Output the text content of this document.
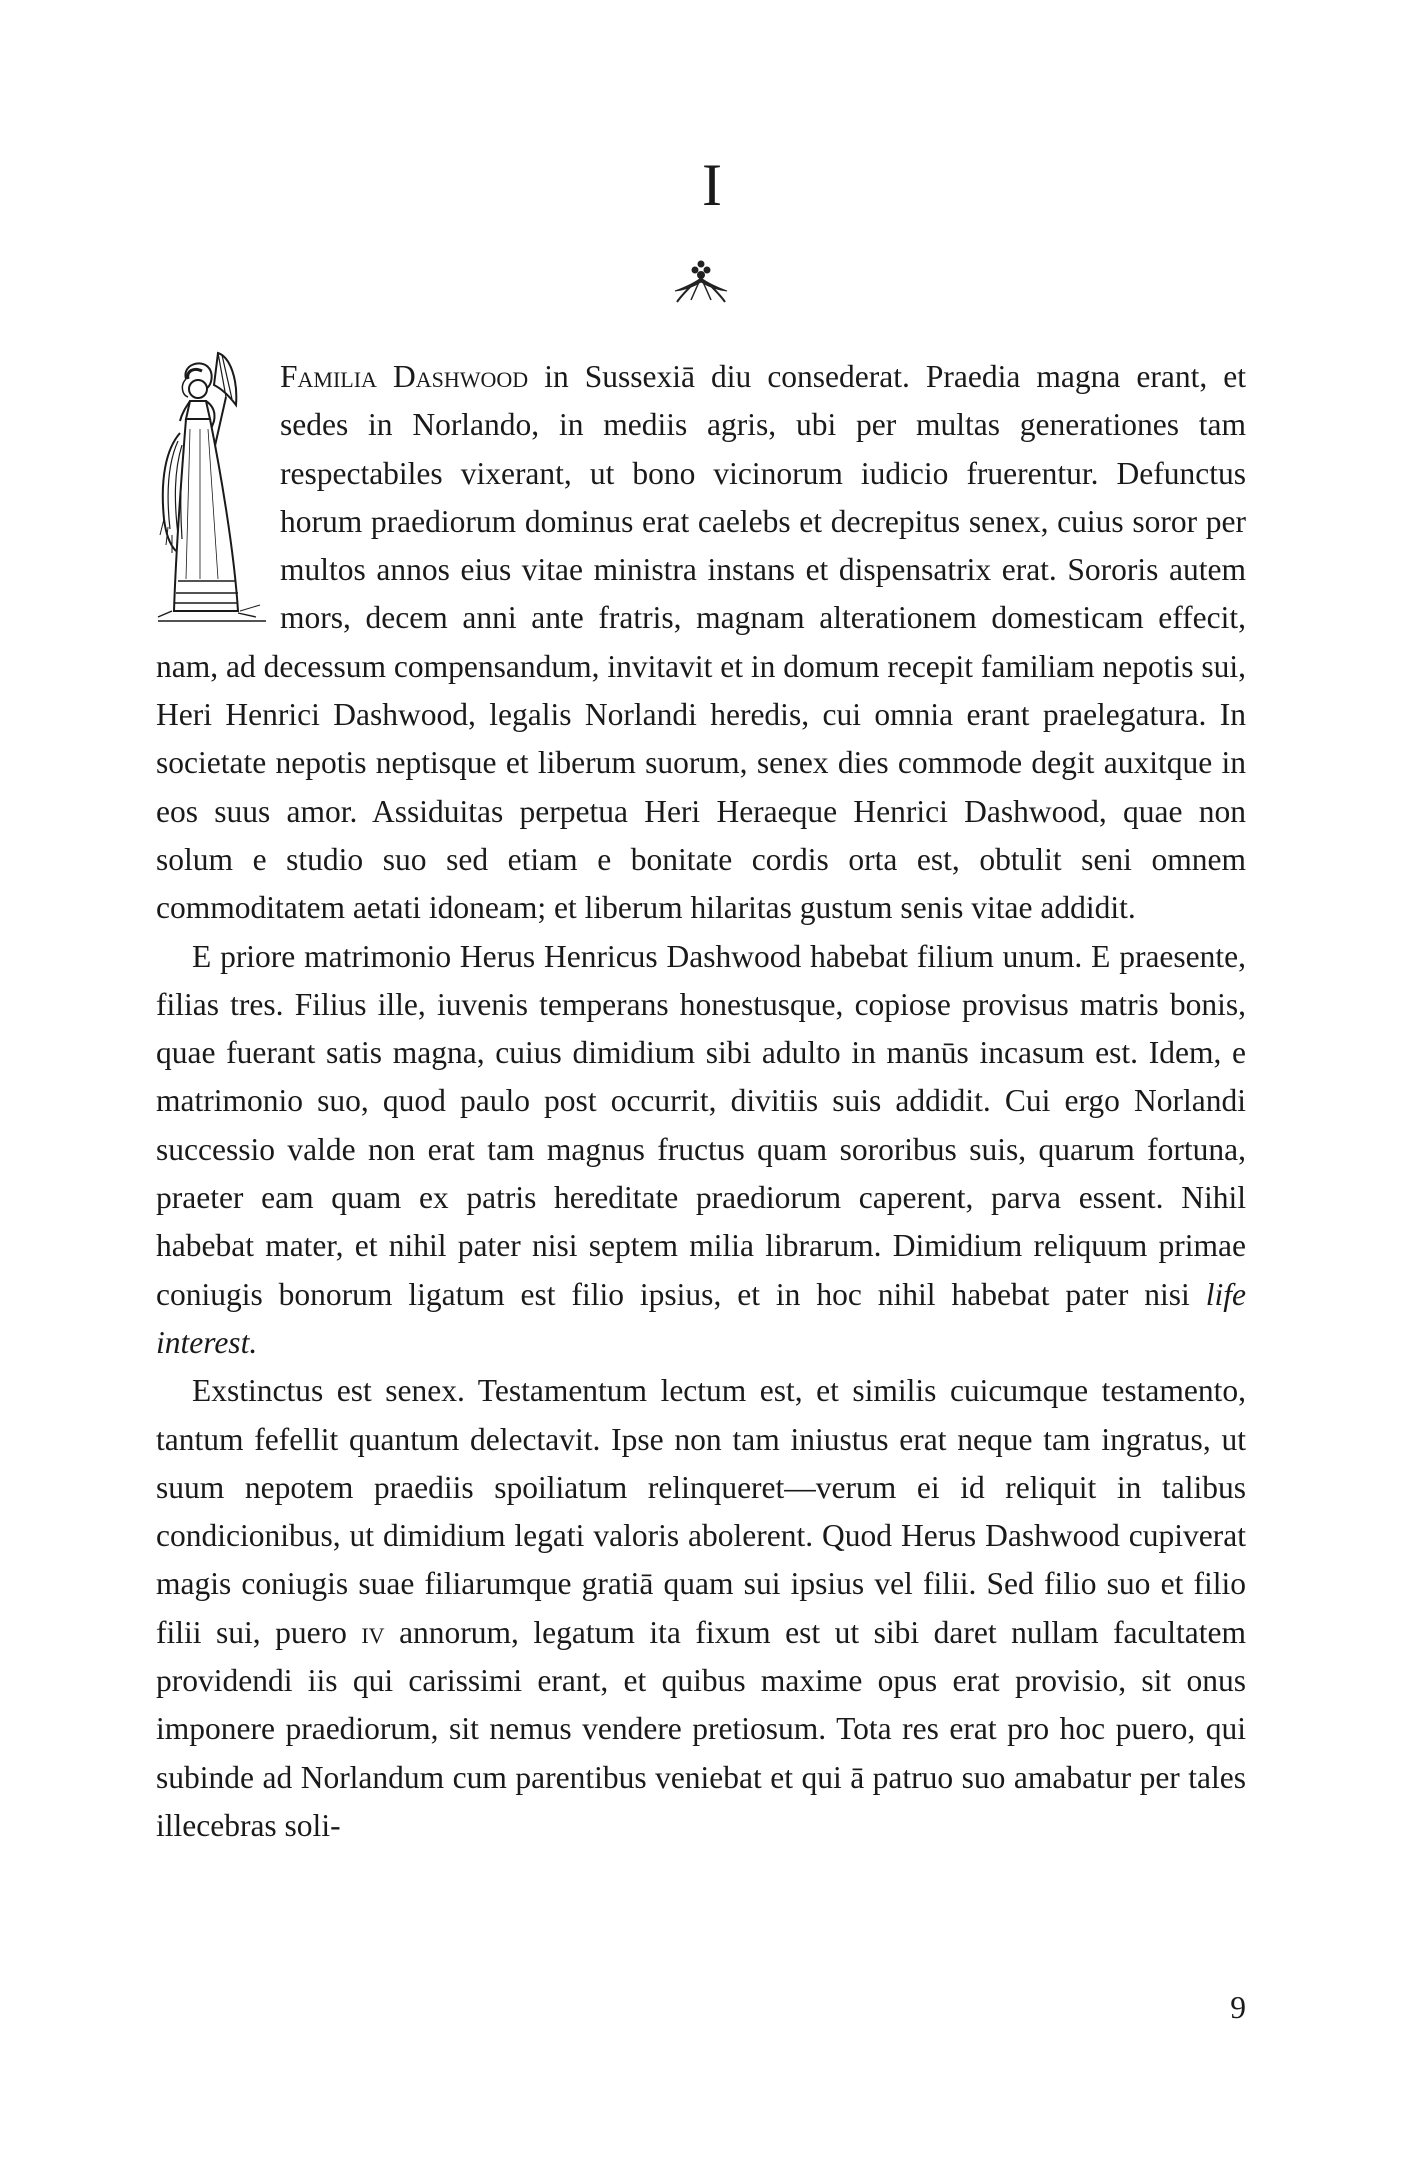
I

Familia Dashwood in Sussexiā diu consederat. Praedia magna erant, et sedes in Norlando, in mediis agris, ubi per multas generationes tam respectabiles vixerant, ut bono vicinorum iudicio fruerentur. Defunctus horum praediorum dominus erat caelebs et decrepitus senex, cuius soror per multos annos eius vitae ministra instans et dispensatrix erat. Sororis autem mors, decem anni ante fratris, magnam alterationem domesticam effecit, nam, ad decessum compensandum, invitavit et in domum recepit familiam nepotis sui, Heri Henrici Dashwood, legalis Norlandi heredis, cui omnia erant praelegatura. In societate nepotis neptisque et liberum suorum, senex dies commode degit auxitque in eos suus amor. Assiduitas perpetua Heri Heraeque Henrici Dashwood, quae non solum e studio suo sed etiam e bonitate cordis orta est, obtulit seni omnem commoditatem aetati idoneam; et liberum hilaritas gustum senis vitae addidit.

E priore matrimonio Herus Henricus Dashwood habebat filium unum. E praesente, filias tres. Filius ille, iuvenis temperans honestusque, copiose provisus matris bonis, quae fuerant satis magna, cuius dimidium sibi adulto in manūs incasum est. Idem, e matrimonio suo, quod paulo post occurrit, divitiis suis addidit. Cui ergo Norlandi successio valde non erat tam magnus fructus quam sororibus suis, quarum fortuna, praeter eam quam ex patris hereditate praediorum caperent, parva essent. Nihil habebat mater, et nihil pater nisi septem milia librarum. Dimidium reliquum primae coniugis bonorum ligatum est filio ipsius, et in hoc nihil habebat pater nisi life interest.

Exstinctus est senex. Testamentum lectum est, et similis cuicumque testamento, tantum fefellit quantum delectavit. Ipse non tam iniustus erat neque tam ingratus, ut suum nepotem praediis spoiliatum relinqueret—verum ei id reliquit in talibus condicionibus, ut dimidium legati valoris abolerent. Quod Herus Dashwood cupiverat magis coniugis suae filiarumque gratiā quam sui ipsius vel filii. Sed filio suo et filio filii sui, puero iv annorum, legatum ita fixum est ut sibi daret nullam facultatem providendi iis qui carissimi erant, et quibus maxime opus erat provisio, sit onus imponere praediorum, sit nemus vendere pretiosum. Tota res erat pro hoc puero, qui subinde ad Norlandum cum parentibus veniebat et qui ā patruo suo amabatur per tales illecebras soli-

9
